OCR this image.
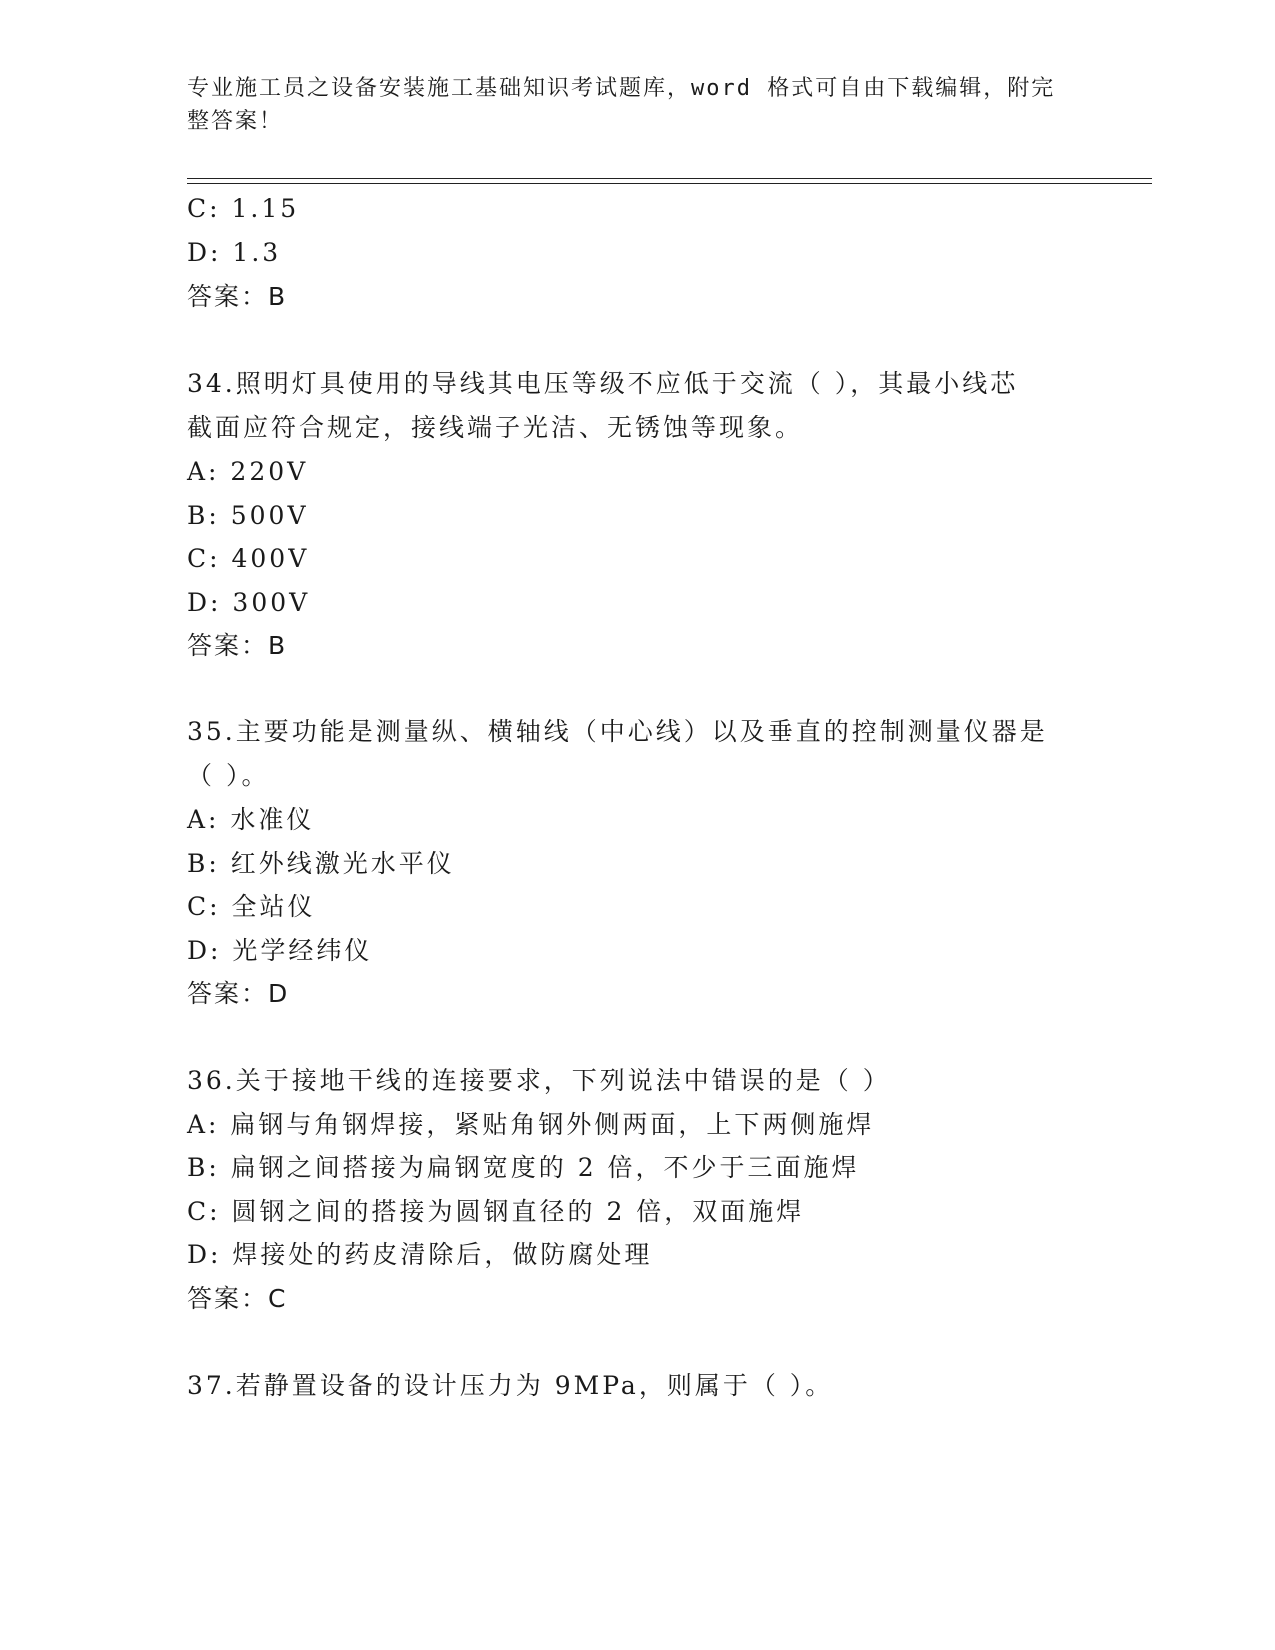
专业施工员之设备安装施工基础知识考试题库，word 格式可自由下载编辑，附完
整答案！
C: 1.15
D: 1.3
答案：B
34.照明灯具使用的导线其电压等级不应低于交流（ ），其最小线芯
截面应符合规定，接线端子光洁、无锈蚀等现象。
A: 220V
B: 500V
C: 400V
D: 300V
答案：B
35.主要功能是测量纵、横轴线（中心线）以及垂直的控制测量仪器是
（ ）。
A: 水准仪
B: 红外线激光水平仪
C: 全站仪
D: 光学经纬仪
答案：D
36.关于接地干线的连接要求，下列说法中错误的是（ ）
A: 扁钢与角钢焊接，紧贴角钢外侧两面，上下两侧施焊
B: 扁钢之间搭接为扁钢宽度的 2 倍，不少于三面施焊
C: 圆钢之间的搭接为圆钢直径的 2 倍，双面施焊
D: 焊接处的药皮清除后，做防腐处理
答案：C
37.若静置设备的设计压力为 9MPa，则属于（ ）。
